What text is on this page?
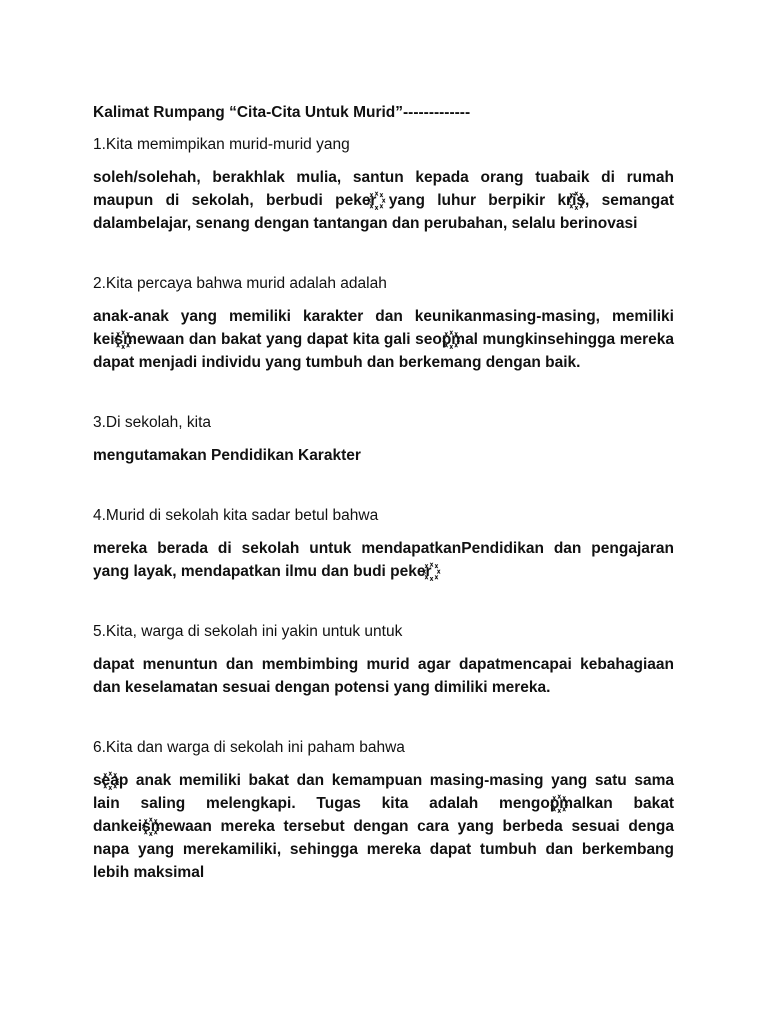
Kalimat Rumpang “Cita-Cita Untuk Murid”-------------
1.Kita memimpikan murid-murid yang
soleh/solehah, berakhlak mulia, santun kepada orang tuabaik di rumah maupun di sekolah, berbudi peker꙰ yang luhur berpikir kri꙰s, semangat dalambelajar, senang dengan tantangan dan perubahan, selalu berinovasi
2.Kita percaya bahwa murid adalah adalah
anak-anak yang memiliki karakter dan keunikanmasing-masing, memiliki keis꙰mewaan dan bakat yang dapat kita gali seop꙰mal mungkinsehingga mereka dapat menjadi individu yang tumbuh dan berkemang dengan baik.
3.Di sekolah, kita
mengutamakan Pendidikan Karakter
4.Murid di sekolah kita sadar betul bahwa
mereka berada di sekolah untuk mendapatkanPendidikan dan pengajaran yang layak, mendapatkan ilmu dan budi peker꙰
5.Kita, warga di sekolah ini yakin untuk untuk
dapat menuntun dan membimbing murid agar dapatmencapai kebahagiaan dan keselamatan sesuai dengan potensi yang dimiliki mereka.
6.Kita dan warga di sekolah ini paham bahwa
se꙰ap anak memiliki bakat dan kemampuan masing-masing yang satu sama lain saling melengkapi. Tugas kita adalah mengop꙰malkan bakat dankeis꙰mewaan mereka tersebut dengan cara yang berbeda sesuai denga napa yang merekamiliki, sehingga mereka dapat tumbuh dan berkembang lebih maksimal
